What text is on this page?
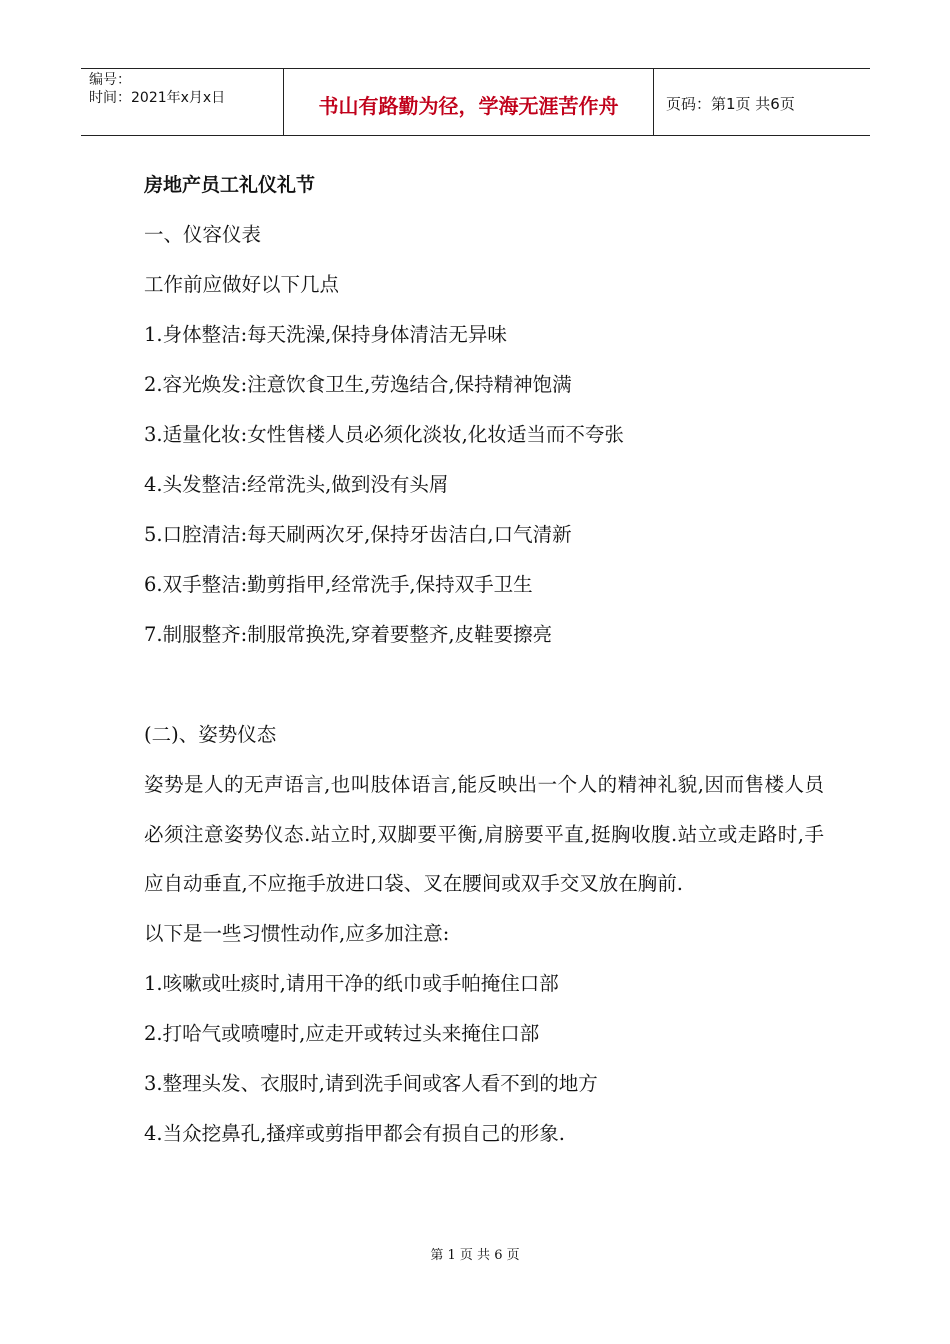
编号：
时间：2021年x月x日	书山有路勤为径，学海无涯苦作舟	页码：第1页 共6页

房地产员工礼仪礼节

一、仪容仪表

工作前应做好以下几点

1.身体整洁:每天洗澡,保持身体清洁无异味

2.容光焕发:注意饮食卫生,劳逸结合,保持精神饱满

3.适量化妆:女性售楼人员必须化淡妆,化妆适当而不夸张

4.头发整洁:经常洗头,做到没有头屑

5.口腔清洁:每天刷两次牙,保持牙齿洁白,口气清新

6.双手整洁:勤剪指甲,经常洗手,保持双手卫生

7.制服整齐:制服常换洗,穿着要整齐,皮鞋要擦亮

(二)、姿势仪态

姿势是人的无声语言,也叫肢体语言,能反映出一个人的精神礼貌,因而售楼人员必须注意姿势仪态.站立时,双脚要平衡,肩膀要平直,挺胸收腹.站立或走路时,手应自动垂直,不应拖手放进口袋、叉在腰间或双手交叉放在胸前.

以下是一些习惯性动作,应多加注意:

1.咳嗽或吐痰时,请用干净的纸巾或手帕掩住口部

2.打哈气或喷嚏时,应走开或转过头来掩住口部

3.整理头发、衣服时,请到洗手间或客人看不到的地方

4.当众挖鼻孔,搔痒或剪指甲都会有损自己的形象.

第 1 页 共 6 页
